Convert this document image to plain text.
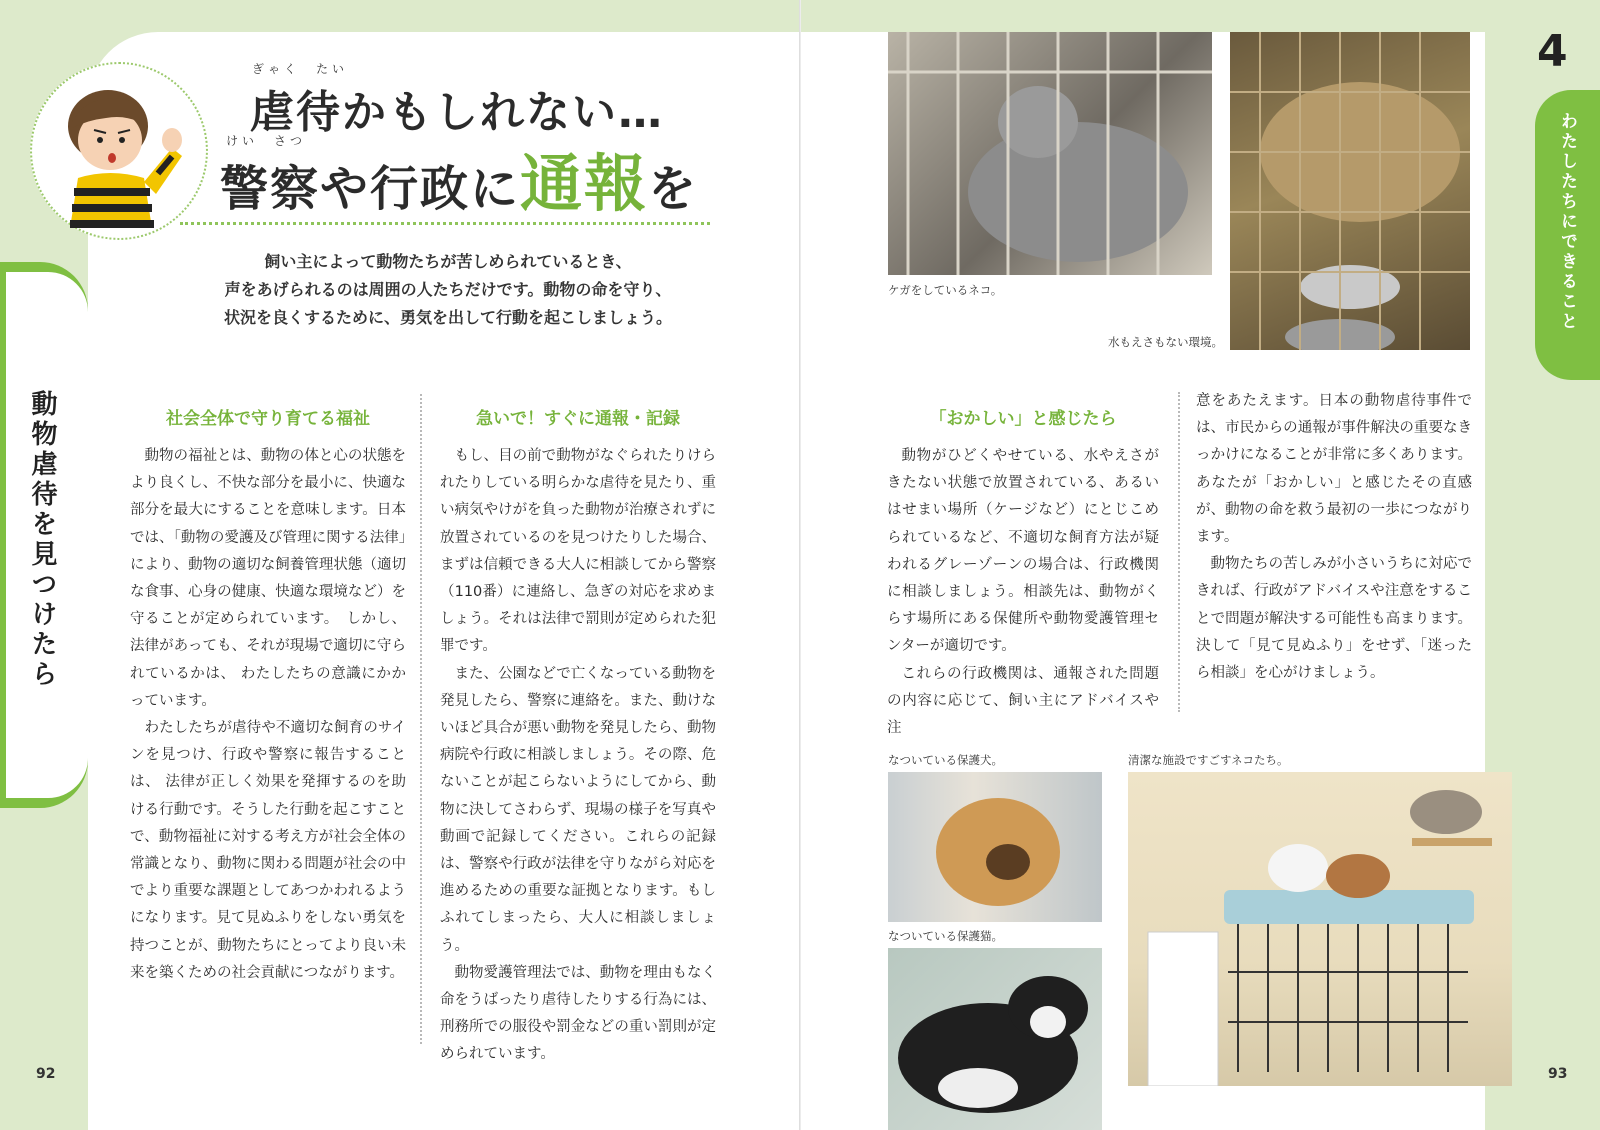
動物虐待を見つけたら
ぎゃく　たい
虐待かもしれない…
けい　さつ
警察や行政に通報を

飼い主によって動物たちが苦しめられているとき、

声をあげられるのは周囲の人たちだけです。動物の命を守り、

状況を良くするために、勇気を出して行動を起こしましょう。

社会全体で守り育てる福祉

動物の福祉とは、動物の体と心の状態をより良くし、不快な部分を最小に、快適な部分を最大にすることを意味します。日本では、「動物の愛護及び管理に関する法律」により、動物の適切な飼養管理状態（適切な食事、心身の健康、快適な環境など）を守ることが定められています。　しかし、法律があっても、それが現場で適切に守られているかは、 わたしたちの意識にかかっています。

わたしたちが虐待や不適切な飼育のサインを見つけ、行政や警察に報告することは、 法律が正しく効果を発揮するのを助ける行動です。そうした行動を起こすことで、動物福祉に対する考え方が社会全体の常識となり、動物に関わる問題が社会の中でより重要な課題としてあつかわれるようになります。見て見ぬふりをしない勇気を持つことが、動物たちにとってより良い未来を築くための社会貢献につながります。

急いで！すぐに通報・記録

もし、目の前で動物がなぐられたりけられたりしている明らかな虐待を見たり、重い病気やけがを負った動物が治療されずに放置されているのを見つけたりした場合、まずは信頼できる大人に相談してから警察（110番）に連絡し、急ぎの対応を求めましょう。それは法律で罰則が定められた犯罪です。

また、公園などで亡くなっている動物を発見したら、警察に連絡を。また、動けないほど具合が悪い動物を発見したら、動物病院や行政に相談しましょう。その際、危ないことが起こらないようにしてから、動物に決してさわらず、現場の様子を写真や動画で記録してください。これらの記録は、警察や行政が法律を守りながら対応を進めるための重要な証拠となります。もしふれてしまったら、大人に相談しましょう。

動物愛護管理法では、動物を理由もなく命をうばったり虐待したりする行為には、刑務所での服役や罰金などの重い罰則が定められています。

92
ケガをしているネコ。
水もえさもない環境。
「おかしい」と感じたら

動物がひどくやせている、水やえさがきたない状態で放置されている、あるいはせまい場所（ケージなど）にとじこめられているなど、不適切な飼育方法が疑われるグレーゾーンの場合は、行政機関に相談しましょう。相談先は、動物がくらす場所にある保健所や動物愛護管理センターが適切です。

これらの行政機関は、通報された問題の内容に応じて、飼い主にアドバイスや注

意をあたえます。日本の動物虐待事件では、市民からの通報が事件解決の重要なきっかけになることが非常に多くあります。あなたが「おかしい」と感じたその直感が、動物の命を救う最初の一歩につながります。

動物たちの苦しみが小さいうちに対応できれば、行政がアドバイスや注意をすることで問題が解決する可能性も高まります。決して「見て見ぬふり」をせず、「迷ったら相談」を心がけましょう。

なついている保護犬。
なついている保護猫。
清潔な施設ですごすネコたち。
93
4
わたしたちにできること
